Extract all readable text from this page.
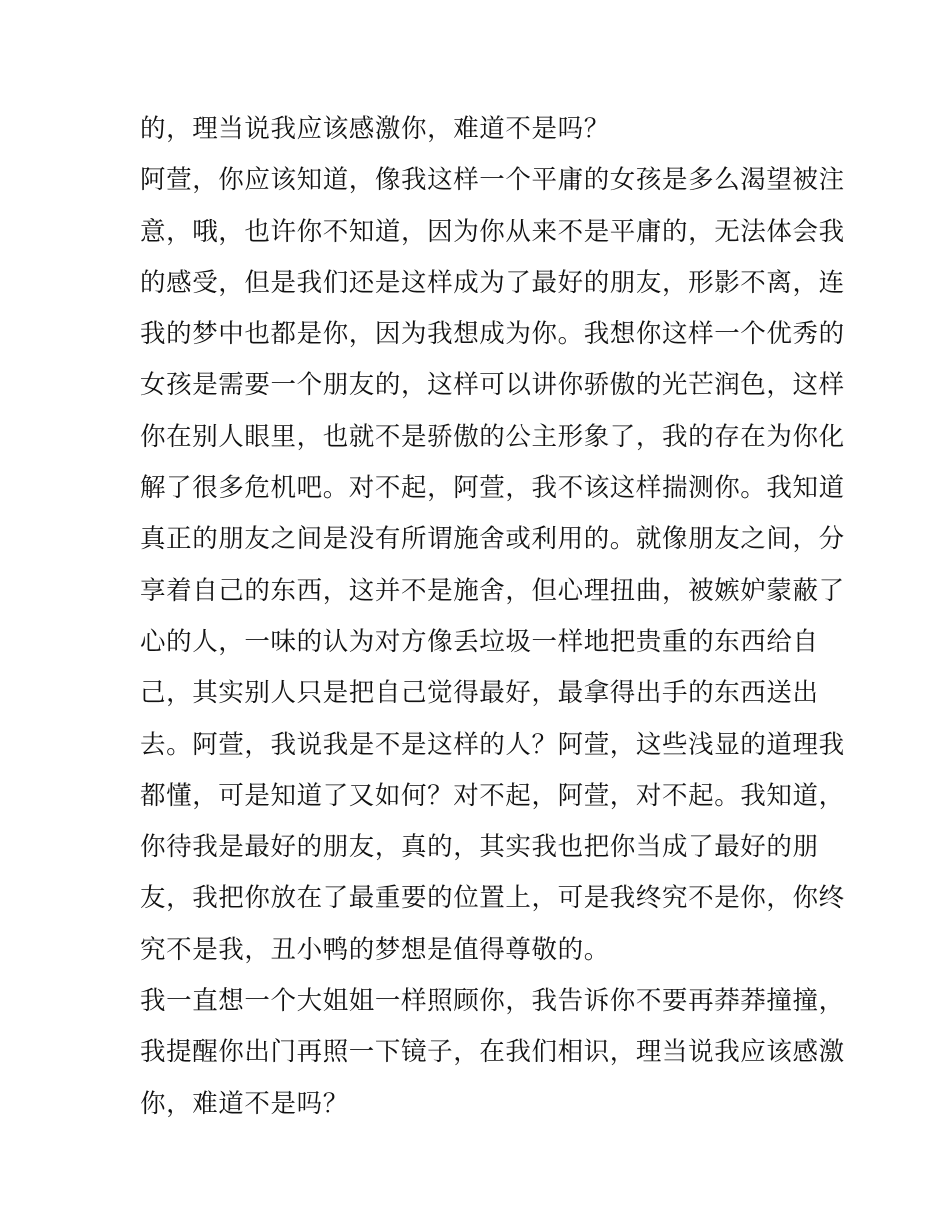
的，理当说我应该感激你，难道不是吗？
阿萱，你应该知道，像我这样一个平庸的女孩是多么渴望被注
意，哦，也许你不知道，因为你从来不是平庸的，无法体会我
的感受，但是我们还是这样成为了最好的朋友，形影不离，连
我的梦中也都是你，因为我想成为你。我想你这样一个优秀的
女孩是需要一个朋友的，这样可以讲你骄傲的光芒润色，这样
你在别人眼里，也就不是骄傲的公主形象了，我的存在为你化
解了很多危机吧。对不起，阿萱，我不该这样揣测你。我知道
真正的朋友之间是没有所谓施舍或利用的。就像朋友之间，分
享着自己的东西，这并不是施舍，但心理扭曲，被嫉妒蒙蔽了
心的人，一味的认为对方像丢垃圾一样地把贵重的东西给自
己，其实别人只是把自己觉得最好，最拿得出手的东西送出
去。阿萱，我说我是不是这样的人？阿萱，这些浅显的道理我
都懂，可是知道了又如何？对不起，阿萱，对不起。我知道，
你待我是最好的朋友，真的，其实我也把你当成了最好的朋
友，我把你放在了最重要的位置上，可是我终究不是你，你终
究不是我，丑小鸭的梦想是值得尊敬的。
我一直想一个大姐姐一样照顾你，我告诉你不要再莽莽撞撞，
我提醒你出门再照一下镜子，在我们相识，理当说我应该感激
你，难道不是吗？
